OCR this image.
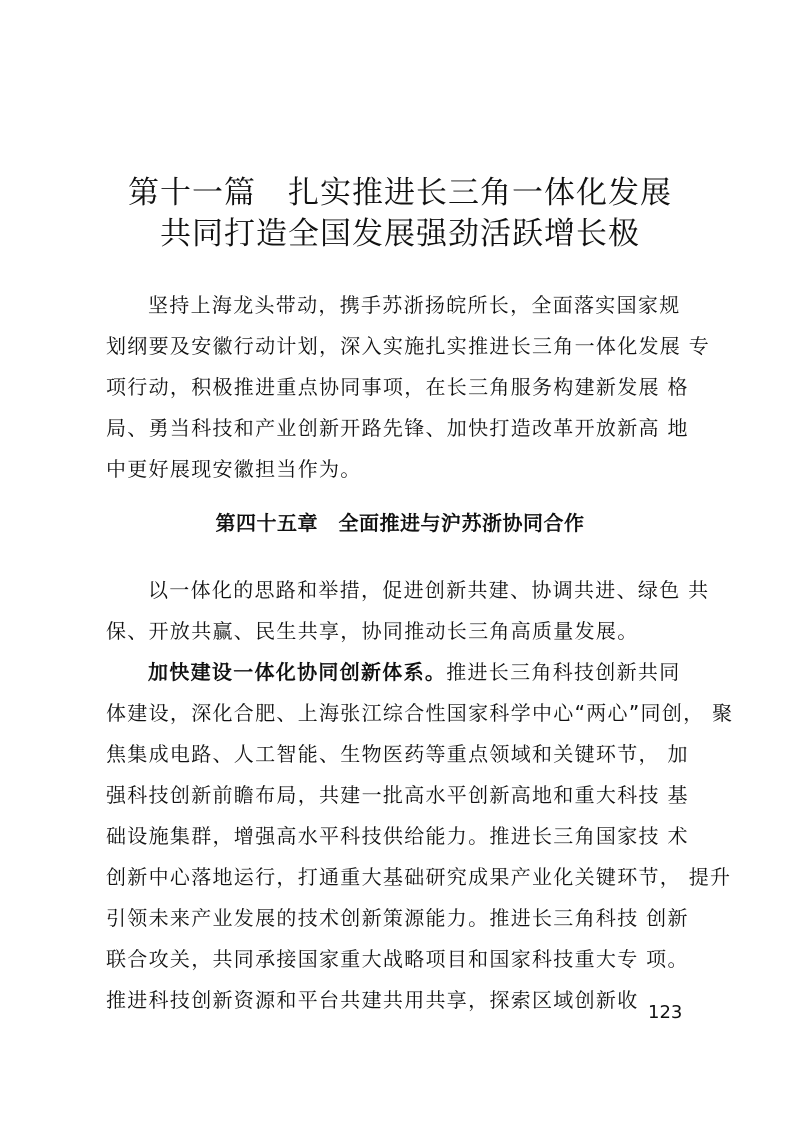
第十一篇　扎实推进长三角一体化发展
共同打造全国发展强劲活跃增长极
坚持上海龙头带动，携手苏浙扬皖所长，全面落实国家规
划纲要及安徽行动计划，深入实施扎实推进长三角一体化发展 专
项行动，积极推进重点协同事项，在长三角服务构建新发展 格
局、勇当科技和产业创新开路先锋、加快打造改革开放新高 地
中更好展现安徽担当作为。
第四十五章　全面推进与沪苏浙协同合作
以一体化的思路和举措，促进创新共建、协调共进、绿色 共
保、开放共赢、民生共享，协同推动长三角高质量发展。
加快建设一体化协同创新体系。推进长三角科技创新共同
体建设，深化合肥、上海张江综合性国家科学中心“两心”同创， 聚
焦集成电路、人工智能、生物医药等重点领域和关键环节， 加
强科技创新前瞻布局，共建一批高水平创新高地和重大科技 基
础设施集群，增强高水平科技供给能力。推进长三角国家技 术
创新中心落地运行，打通重大基础研究成果产业化关键环节， 提升
引领未来产业发展的技术创新策源能力。推进长三角科技 创新
联合攻关，共同承接国家重大战略项目和国家科技重大专 项。
推进科技创新资源和平台共建共用共享，探索区域创新收
123
